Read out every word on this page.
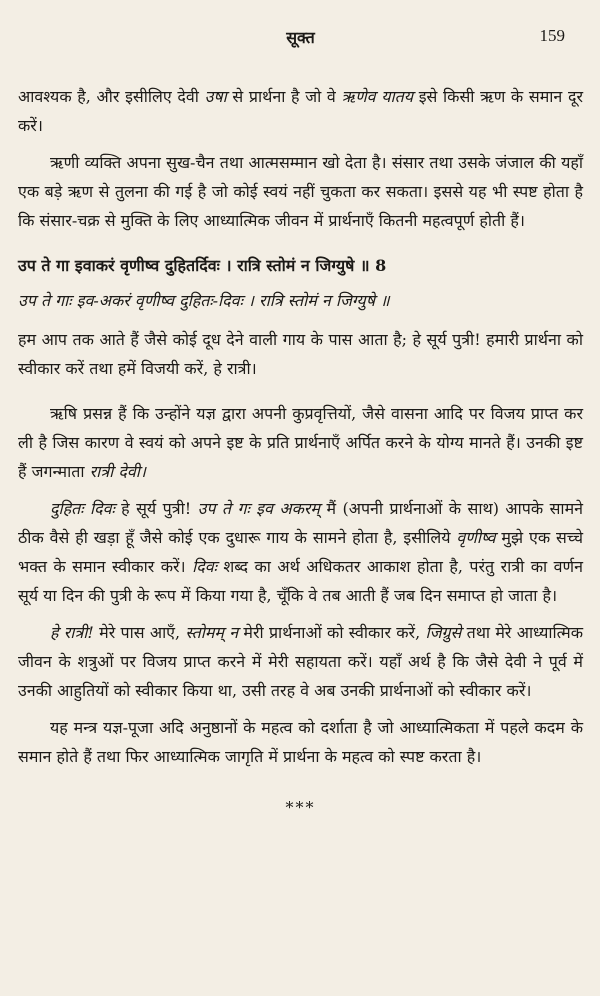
सूक्त	159

आवश्यक है, और इसीलिए देवी उषा से प्रार्थना है जो वे ऋणेव यातय इसे किसी ऋण के समान दूर करें।

ऋणी व्यक्ति अपना सुख-चैन तथा आत्मसम्मान खो देता है। संसार तथा उसके जंजाल की यहाँ एक बड़े ऋण से तुलना की गई है जो कोई स्वयं नहीं चुकता कर सकता। इससे यह भी स्पष्ट होता है कि संसार-चक्र से मुक्ति के लिए आध्यात्मिक जीवन में प्रार्थनाएँ कितनी महत्वपूर्ण होती हैं।

उप ते गा इवाकरं वृणीष्व दुहितर्दिवः । रात्रि स्तोमं न जिग्युषे ॥ 8

उप ते गाः इव-अकरं वृणीष्व दुहितः-दिवः । रात्रि स्तोमं न जिग्युषे ॥

हम आप तक आते हैं जैसे कोई दूध देने वाली गाय के पास आता है; हे सूर्य पुत्री! हमारी प्रार्थना को स्वीकार करें तथा हमें विजयी करें, हे रात्री।

ऋषि प्रसन्न हैं कि उन्होंने यज्ञ द्वारा अपनी कुप्रवृत्तियों, जैसे वासना आदि पर विजय प्राप्त कर ली है जिस कारण वे स्वयं को अपने इष्ट के प्रति प्रार्थनाएँ अर्पित करने के योग्य मानते हैं। उनकी इष्ट हैं जगन्माता रात्री देवी।

दुहितः दिवः हे सूर्य पुत्री! उप ते गः इव अकरम् मैं (अपनी प्रार्थनाओं के साथ) आपके सामने ठीक वैसे ही खड़ा हूँ जैसे कोई एक दुधारू गाय के सामने होता है, इसीलिये वृणीष्व मुझे एक सच्चे भक्त के समान स्वीकार करें। दिवः शब्द का अर्थ अधिकतर आकाश होता है, परंतु रात्री का वर्णन सूर्य या दिन की पुत्री के रूप में किया गया है, चूँकि वे तब आती हैं जब दिन समाप्त हो जाता है।

हे रात्री! मेरे पास आएँ, स्तोमम् न मेरी प्रार्थनाओं को स्वीकार करें, जिग्रुसे तथा मेरे आध्यात्मिक जीवन के शत्रुओं पर विजय प्राप्त करने में मेरी सहायता करें। यहाँ अर्थ है कि जैसे देवी ने पूर्व में उनकी आहुतियों को स्वीकार किया था, उसी तरह वे अब उनकी प्रार्थनाओं को स्वीकार करें।

यह मन्त्र यज्ञ-पूजा अदि अनुष्ठानों के महत्व को दर्शाता है जो आध्यात्मिकता में पहले कदम के समान होते हैं तथा फिर आध्यात्मिक जागृति में प्रार्थना के महत्व को स्पष्ट करता है।

***
